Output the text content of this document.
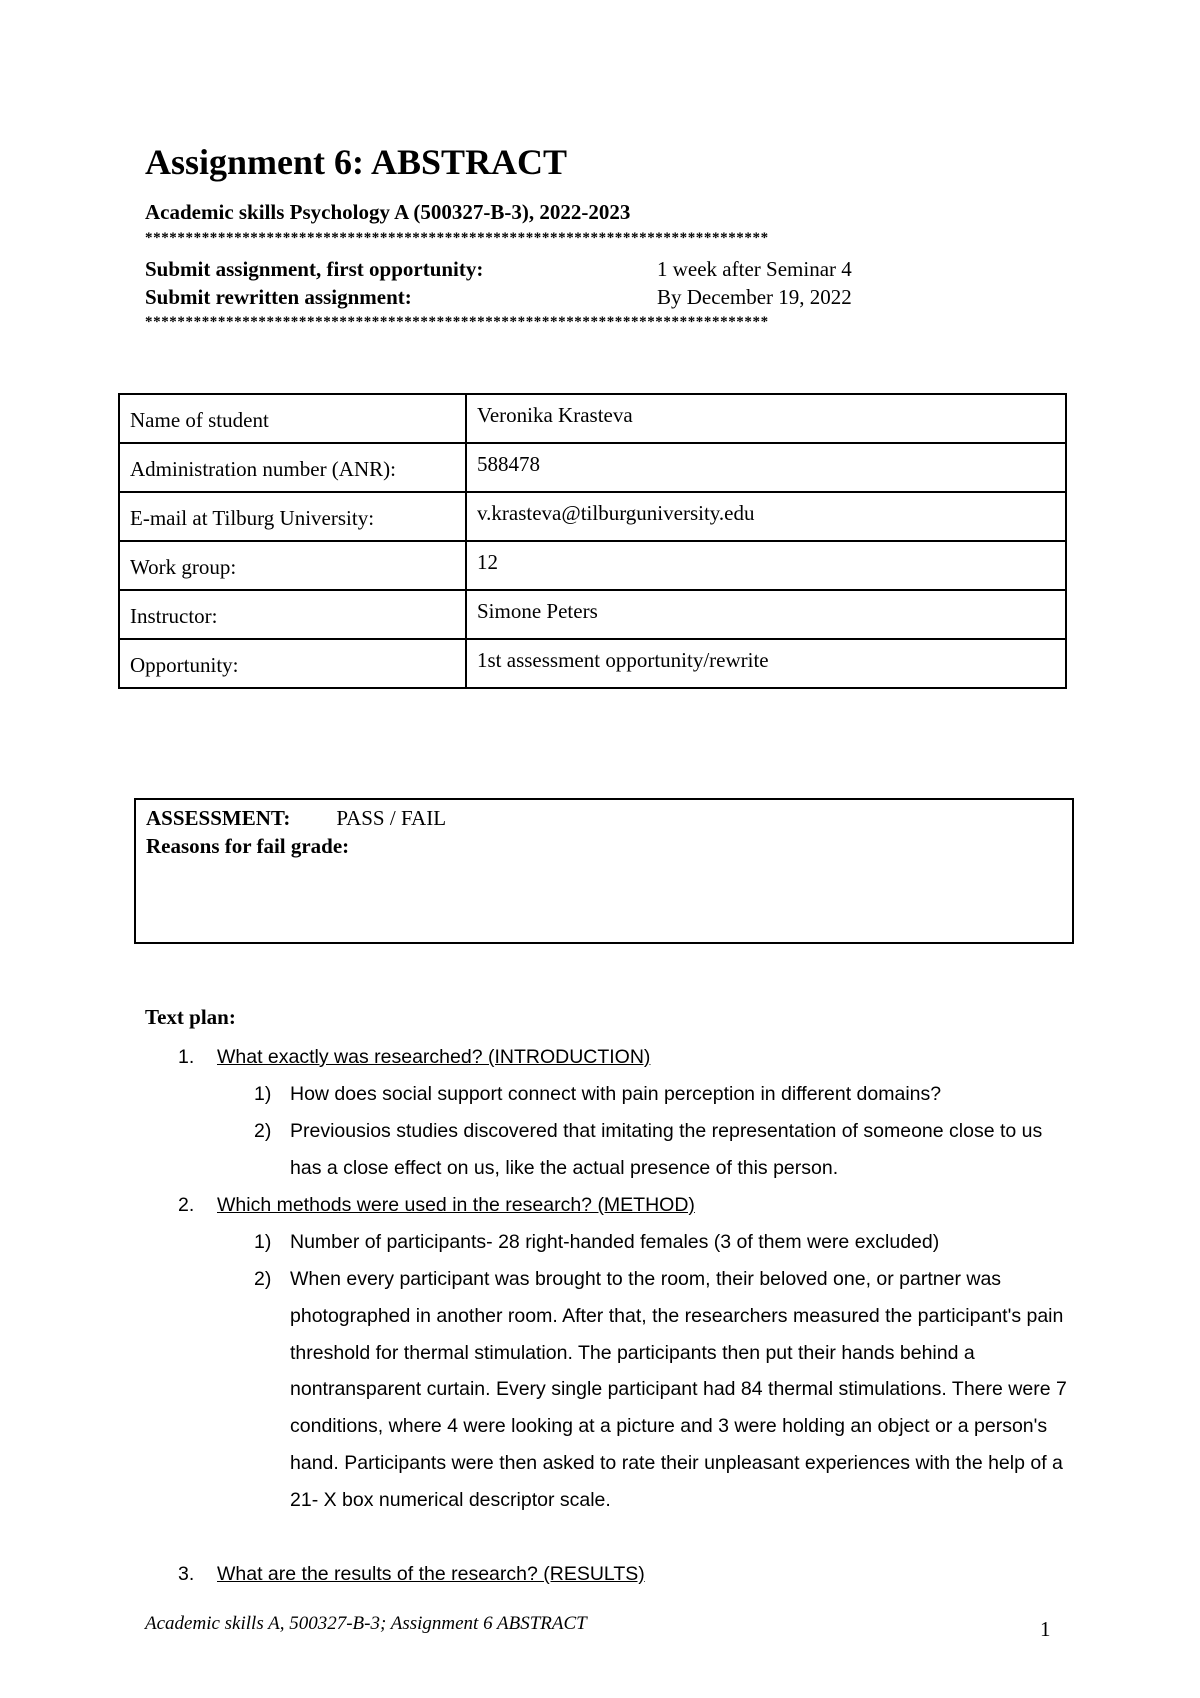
Assignment 6: ABSTRACT
Academic skills Psychology A (500327-B-3), 2022-2023
*****************************************************************************
Submit assignment, first opportunity:	1 week after Seminar 4
Submit rewritten assignment:	By December 19, 2022
*****************************************************************************
Name of student	Veronika Krasteva
Administration number (ANR):	588478
E-mail at Tilburg University:	v.krasteva@tilburguniversity.edu
Work group:	12
Instructor:	Simone Peters
Opportunity:	1st assessment opportunity/rewrite
ASSESSMENT: PASS / FAIL
Reasons for fail grade:
Text plan:
1. What exactly was researched? (INTRODUCTION)
1) How does social support connect with pain perception in different domains?
2) Previousios studies discovered that imitating the representation of someone close to us has a close effect on us, like the actual presence of this person.
2. Which methods were used in the research? (METHOD)
1) Number of participants- 28 right-handed females (3 of them were excluded)
2) When every participant was brought to the room, their beloved one, or partner was photographed in another room. After that, the researchers measured the participant's pain threshold for thermal stimulation. The participants then put their hands behind a nontransparent curtain. Every single participant had 84 thermal stimulations. There were 7 conditions, where 4 were looking at a picture and 3 were holding an object or a person's hand. Participants were then asked to rate their unpleasant experiences with the help of a 21- X box numerical descriptor scale.
3. What are the results of the research? (RESULTS)
Academic skills A, 500327-B-3; Assignment 6 ABSTRACT	1
